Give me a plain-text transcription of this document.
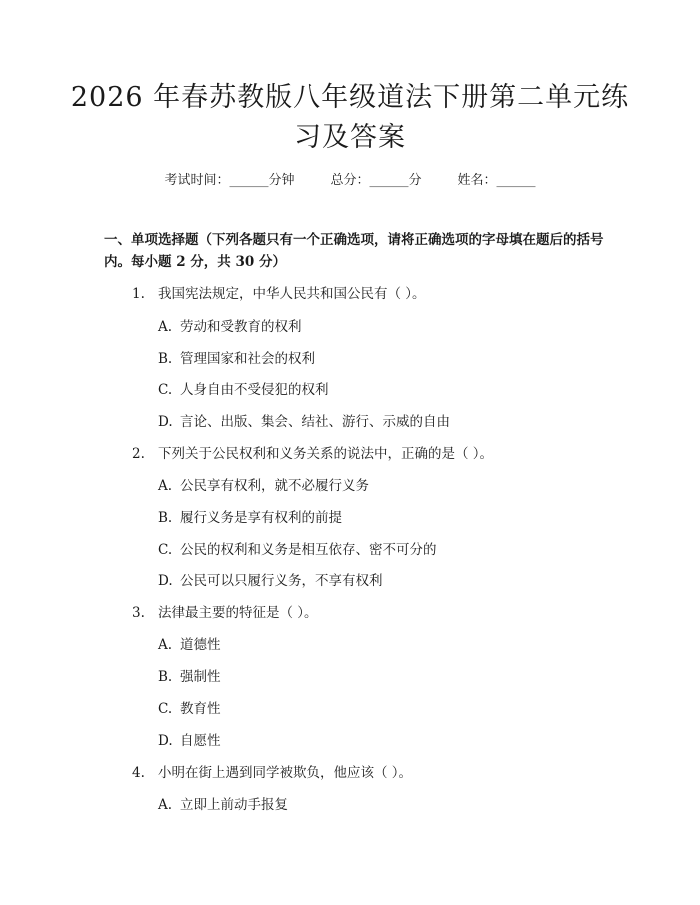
2026 年春苏教版八年级道法下册第二单元练习及答案
考试时间：______分钟	总分：______分	姓名：______

一、单项选择题（下列各题只有一个正确选项，请将正确选项的字母填在题后的括号内。每小题 2 分，共 30 分）

1. 我国宪法规定，中华人民共和国公民有（ ）。
A. 劳动和受教育的权利
B. 管理国家和社会的权利
C. 人身自由不受侵犯的权利
D. 言论、出版、集会、结社、游行、示威的自由
2. 下列关于公民权利和义务关系的说法中，正确的是（ ）。
A. 公民享有权利，就不必履行义务
B. 履行义务是享有权利的前提
C. 公民的权利和义务是相互依存、密不可分的
D. 公民可以只履行义务，不享有权利
3. 法律最主要的特征是（ ）。
A. 道德性
B. 强制性
C. 教育性
D. 自愿性
4. 小明在街上遇到同学被欺负，他应该（ ）。
A. 立即上前动手报复
